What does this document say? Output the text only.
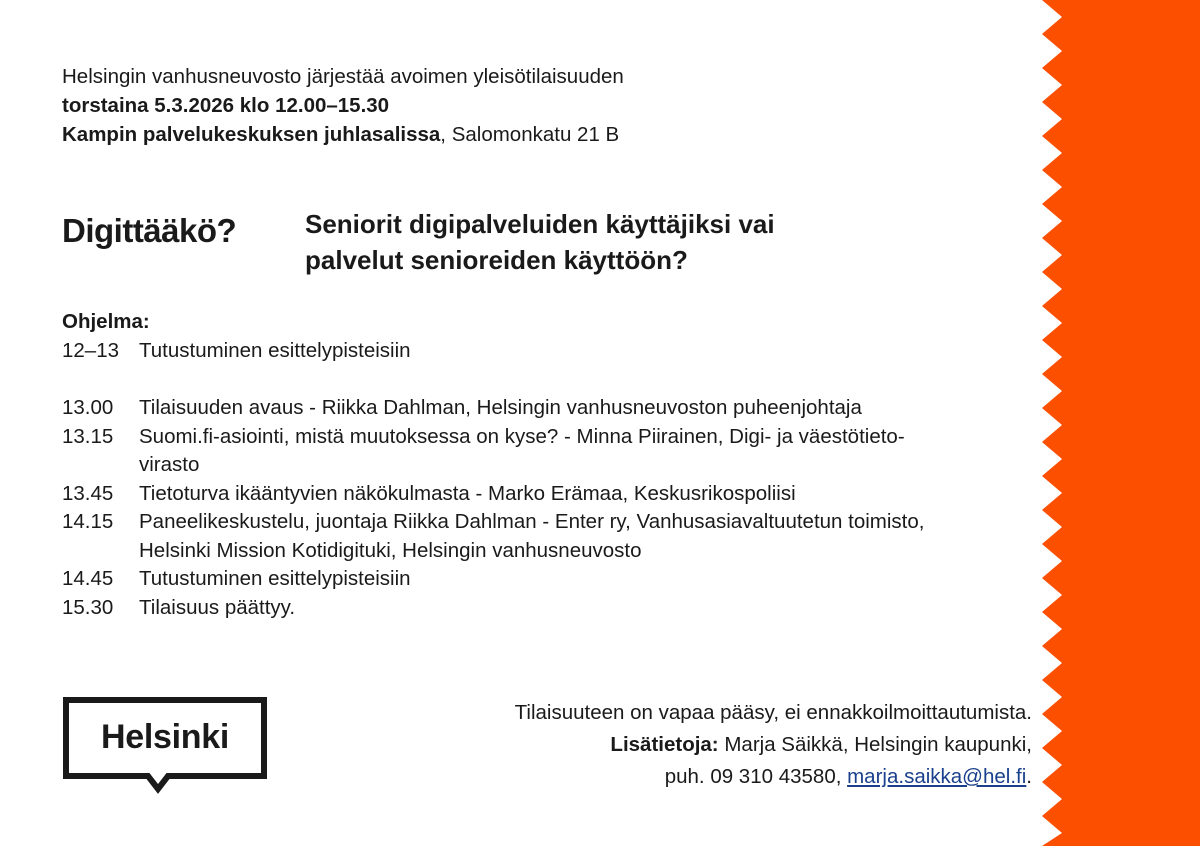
Helsingin vanhusneuvosto järjestää avoimen yleisötilaisuuden
torstaina 5.3.2026 klo 12.00–15.30
Kampin palvelukeskuksen juhlasalissa, Salomonkatu 21 B
Digittääkö?	Seniorit digipalveluiden käyttäjiksi vai
palvelut senioreiden käyttöön?
Ohjelma:
12–13 Tutustuminen esittelypisteisiin
13.00	Tilaisuuden avaus - Riikka Dahlman, Helsingin vanhusneuvoston puheenjohtaja
13.15	Suomi.fi-asiointi, mistä muutoksessa on kyse? - Minna Piirainen, Digi- ja väestötieto-
virasto
13.45	Tietoturva ikääntyvien näkökulmasta - Marko Erämaa, Keskusrikospoliisi
14.15	Paneelikeskustelu, juontaja Riikka Dahlman - Enter ry, Vanhusasiavaltuutetun toimisto,
Helsinki Mission Kotidigituki, Helsingin vanhusneuvosto
14.45	Tutustuminen esittelypisteisiin
15.30	Tilaisuus päättyy.
Helsinki
Tilaisuuteen on vapaa pääsy, ei ennakkoilmoittautumista.
Lisätietoja: Marja Säikkä, Helsingin kaupunki,
puh. 09 310 43580, marja.saikka@hel.fi.
